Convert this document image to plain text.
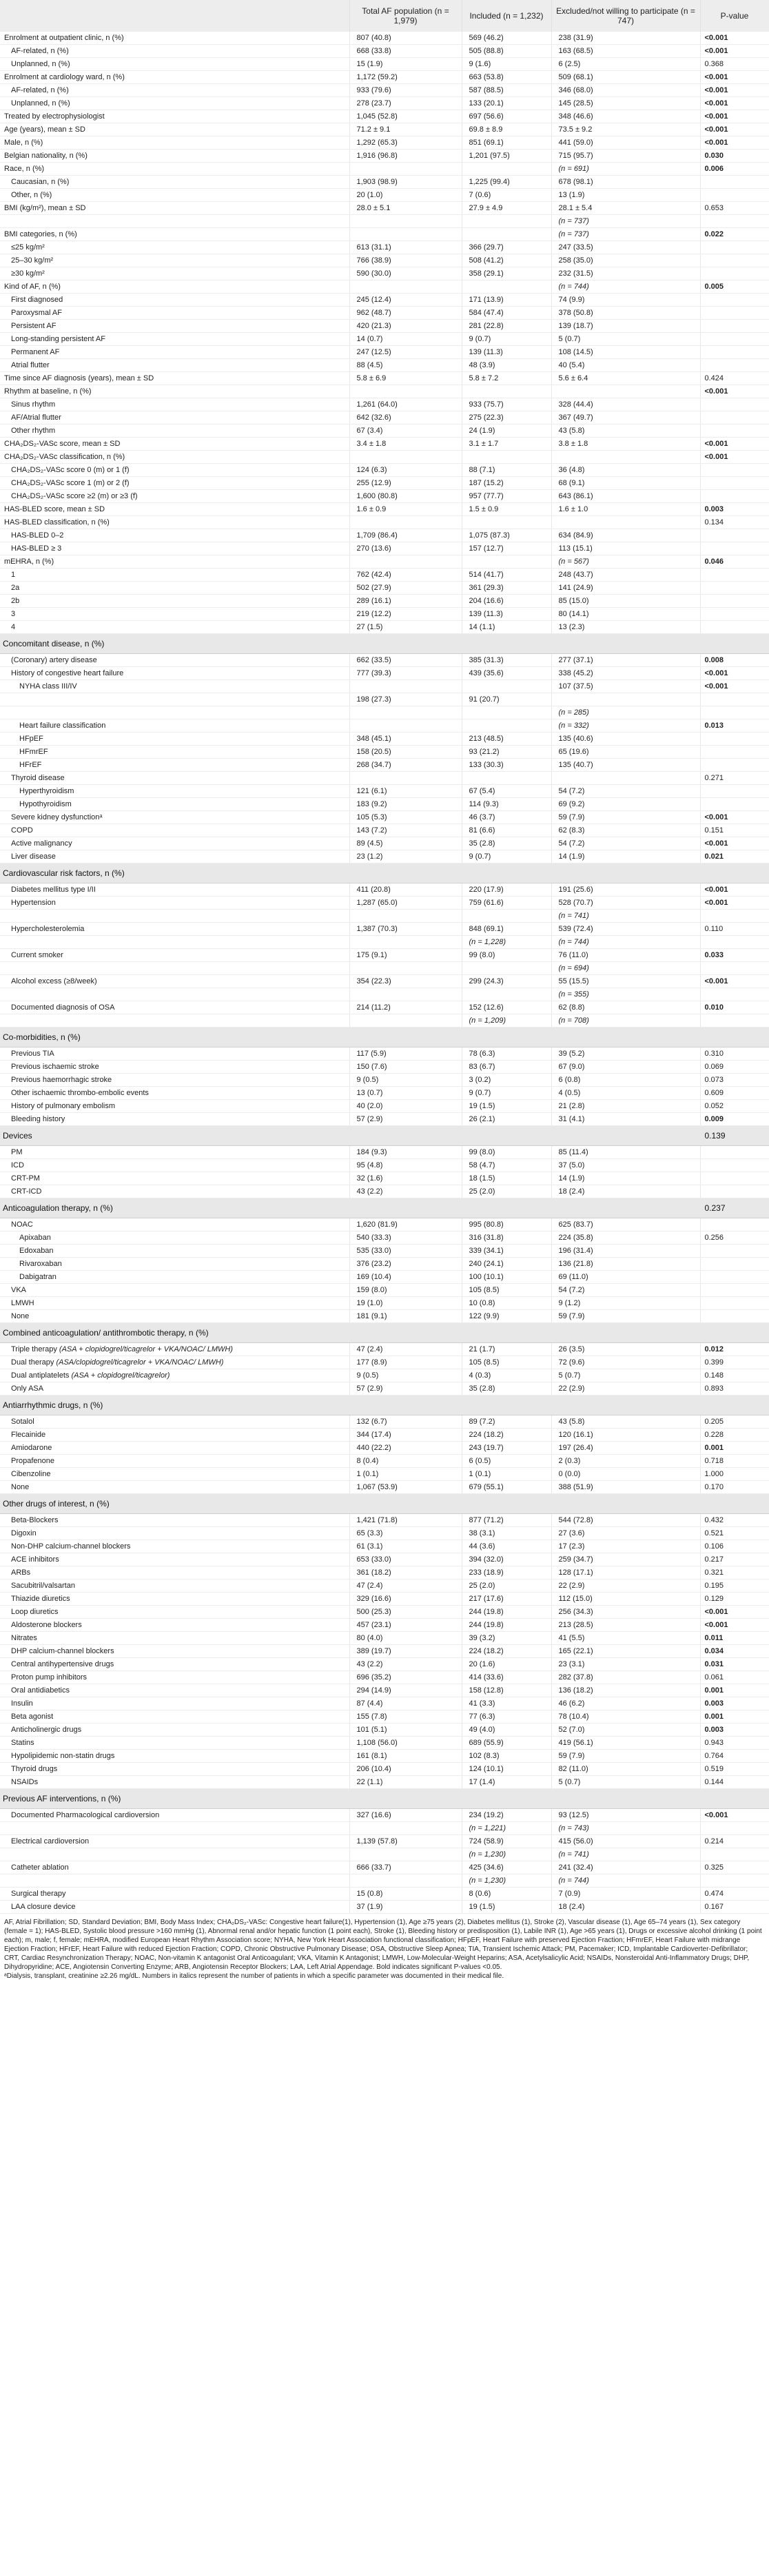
	Total AF population (n = 1,979)	Included (n = 1,232)	Excluded/not willing to participate (n = 747)	P-value
Enrolment at outpatient clinic, n (%)	807 (40.8)	569 (46.2)	238 (31.9)	<0.001
AF-related, n (%)	668 (33.8)	505 (88.8)	163 (68.5)	<0.001
Unplanned, n (%)	15 (1.9)	9 (1.6)	6 (2.5)	0.368
Enrolment at cardiology ward, n (%)	1,172 (59.2)	663 (53.8)	509 (68.1)	<0.001
AF-related, n (%)	933 (79.6)	587 (88.5)	346 (68.0)	<0.001
Unplanned, n (%)	278 (23.7)	133 (20.1)	145 (28.5)	<0.001
Treated by electrophysiologist	1,045 (52.8)	697 (56.6)	348 (46.6)	<0.001
Age (years), mean ± SD	71.2 ± 9.1	69.8 ± 8.9	73.5 ± 9.2	<0.001
Male, n (%)	1,292 (65.3)	851 (69.1)	441 (59.0)	<0.001
Belgian nationality, n (%)	1,916 (96.8)	1,201 (97.5)	715 (95.7)	0.030
Race, n (%)			(n = 691)	0.006
Caucasian, n (%)	1,903 (98.9)	1,225 (99.4)	678 (98.1)	
Other, n (%)	20 (1.0)	7 (0.6)	13 (1.9)	
BMI (kg/m²), mean ± SD	28.0 ± 5.1	27.9 ± 4.9	28.1 ± 5.4	0.653
			(n = 737)	
BMI categories, n (%)			(n = 737)	0.022
≤25 kg/m²	613 (31.1)	366 (29.7)	247 (33.5)	
25–30 kg/m²	766 (38.9)	508 (41.2)	258 (35.0)	
≥30 kg/m²	590 (30.0)	358 (29.1)	232 (31.5)	
Kind of AF, n (%)			(n = 744)	0.005
First diagnosed	245 (12.4)	171 (13.9)	74 (9.9)	
Paroxysmal AF	962 (48.7)	584 (47.4)	378 (50.8)	
Persistent AF	420 (21.3)	281 (22.8)	139 (18.7)	
Long-standing persistent AF	14 (0.7)	9 (0.7)	5 (0.7)	
Permanent AF	247 (12.5)	139 (11.3)	108 (14.5)	
Atrial flutter	88 (4.5)	48 (3.9)	40 (5.4)	
Time since AF diagnosis (years), mean ± SD	5.8 ± 6.9	5.8 ± 7.2	5.6 ± 6.4	0.424
Rhythm at baseline, n (%)				<0.001
Sinus rhythm	1,261 (64.0)	933 (75.7)	328 (44.4)	
AF/Atrial flutter	642 (32.6)	275 (22.3)	367 (49.7)	
Other rhythm	67 (3.4)	24 (1.9)	43 (5.8)	
CHA₂DS₂-VASc score, mean ± SD	3.4 ± 1.8	3.1 ± 1.7	3.8 ± 1.8	<0.001
CHA₂DS₂-VASc classification, n (%)				<0.001
CHA₂DS₂-VASc score 0 (m) or 1 (f)	124 (6.3)	88 (7.1)	36 (4.8)	
CHA₂DS₂-VASc score 1 (m) or 2 (f)	255 (12.9)	187 (15.2)	68 (9.1)	
CHA₂DS₂-VASc score ≥2 (m) or ≥3 (f)	1,600 (80.8)	957 (77.7)	643 (86.1)	
HAS-BLED score, mean ± SD	1.6 ± 0.9	1.5 ± 0.9	1.6 ± 1.0	0.003
HAS-BLED classification, n (%)				0.134
HAS-BLED 0–2	1,709 (86.4)	1,075 (87.3)	634 (84.9)	
HAS-BLED ≥ 3	270 (13.6)	157 (12.7)	113 (15.1)	
mEHRA, n (%)			(n = 567)	0.046
1	762 (42.4)	514 (41.7)	248 (43.7)	
2a	502 (27.9)	361 (29.3)	141 (24.9)	
2b	289 (16.1)	204 (16.6)	85 (15.0)	
3	219 (12.2)	139 (11.3)	80 (14.1)	
4	27 (1.5)	14 (1.1)	13 (2.3)	
Concomitant disease, n (%)				
(Coronary) artery disease	662 (33.5)	385 (31.3)	277 (37.1)	0.008
History of congestive heart failure	777 (39.3)	439 (35.6)	338 (45.2)	<0.001
NYHA class III/IV			107 (37.5)	<0.001
	198 (27.3)	91 (20.7)		
			(n = 285)	
Heart failure classification			(n = 332)	0.013
HFpEF	348 (45.1)	213 (48.5)	135 (40.6)	
HFmrEF	158 (20.5)	93 (21.2)	65 (19.6)	
HFrEF	268 (34.7)	133 (30.3)	135 (40.7)	
Thyroid disease				0.271
Hyperthyroidism	121 (6.1)	67 (5.4)	54 (7.2)	
Hypothyroidism	183 (9.2)	114 (9.3)	69 (9.2)	
Severe kidney dysfunctionᵃ	105 (5.3)	46 (3.7)	59 (7.9)	<0.001
COPD	143 (7.2)	81 (6.6)	62 (8.3)	0.151
Active malignancy	89 (4.5)	35 (2.8)	54 (7.2)	<0.001
Liver disease	23 (1.2)	9 (0.7)	14 (1.9)	0.021
Cardiovascular risk factors, n (%)				
Diabetes mellitus type I/II	411 (20.8)	220 (17.9)	191 (25.6)	<0.001
Hypertension	1,287 (65.0)	759 (61.6)	528 (70.7)	<0.001
			(n = 741)	
Hypercholesterolemia	1,387 (70.3)	848 (69.1)	539 (72.4)	0.110
		(n = 1,228)	(n = 744)	
Current smoker	175 (9.1)	99 (8.0)	76 (11.0)	0.033
			(n = 694)	
Alcohol excess (≥8/week)	354 (22.3)	299 (24.3)	55 (15.5)	<0.001
			(n = 355)	
Documented diagnosis of OSA	214 (11.2)	152 (12.6)	62 (8.8)	0.010
		(n = 1,209)	(n = 708)	
Co-morbidities, n (%)				
Previous TIA	117 (5.9)	78 (6.3)	39 (5.2)	0.310
Previous ischaemic stroke	150 (7.6)	83 (6.7)	67 (9.0)	0.069
Previous haemorrhagic stroke	9 (0.5)	3 (0.2)	6 (0.8)	0.073
Other ischaemic thrombo-embolic events	13 (0.7)	9 (0.7)	4 (0.5)	0.609
History of pulmonary embolism	40 (2.0)	19 (1.5)	21 (2.8)	0.052
Bleeding history	57 (2.9)	26 (2.1)	31 (4.1)	0.009
Devices				0.139
PM	184 (9.3)	99 (8.0)	85 (11.4)	
ICD	95 (4.8)	58 (4.7)	37 (5.0)	
CRT-PM	32 (1.6)	18 (1.5)	14 (1.9)	
CRT-ICD	43 (2.2)	25 (2.0)	18 (2.4)	
Anticoagulation therapy, n (%)				0.237
NOAC	1,620 (81.9)	995 (80.8)	625 (83.7)	
Apixaban	540 (33.3)	316 (31.8)	224 (35.8)	0.256
Edoxaban	535 (33.0)	339 (34.1)	196 (31.4)	
Rivaroxaban	376 (23.2)	240 (24.1)	136 (21.8)	
Dabigatran	169 (10.4)	100 (10.1)	69 (11.0)	
VKA	159 (8.0)	105 (8.5)	54 (7.2)	
LMWH	19 (1.0)	10 (0.8)	9 (1.2)	
None	181 (9.1)	122 (9.9)	59 (7.9)	
Combined anticoagulation/ antithrombotic therapy, n (%)				
Triple therapy (ASA + clopidogrel/ticagrelor + VKA/NOAC/ LMWH)	47 (2.4)	21 (1.7)	26 (3.5)	0.012
Dual therapy (ASA/clopidogrel/ticagrelor + VKA/NOAC/ LMWH)	177 (8.9)	105 (8.5)	72 (9.6)	0.399
Dual antiplatelets (ASA + clopidogrel/ticagrelor)	9 (0.5)	4 (0.3)	5 (0.7)	0.148
Only ASA	57 (2.9)	35 (2.8)	22 (2.9)	0.893
Antiarrhythmic drugs, n (%)				
Sotalol	132 (6.7)	89 (7.2)	43 (5.8)	0.205
Flecainide	344 (17.4)	224 (18.2)	120 (16.1)	0.228
Amiodarone	440 (22.2)	243 (19.7)	197 (26.4)	0.001
Propafenone	8 (0.4)	6 (0.5)	2 (0.3)	0.718
Cibenzoline	1 (0.1)	1 (0.1)	0 (0.0)	1.000
None	1,067 (53.9)	679 (55.1)	388 (51.9)	0.170
Other drugs of interest, n (%)				
Beta-Blockers	1,421 (71.8)	877 (71.2)	544 (72.8)	0.432
Digoxin	65 (3.3)	38 (3.1)	27 (3.6)	0.521
Non-DHP calcium-channel blockers	61 (3.1)	44 (3.6)	17 (2.3)	0.106
ACE inhibitors	653 (33.0)	394 (32.0)	259 (34.7)	0.217
ARBs	361 (18.2)	233 (18.9)	128 (17.1)	0.321
Sacubitril/valsartan	47 (2.4)	25 (2.0)	22 (2.9)	0.195
Thiazide diuretics	329 (16.6)	217 (17.6)	112 (15.0)	0.129
Loop diuretics	500 (25.3)	244 (19.8)	256 (34.3)	<0.001
Aldosterone blockers	457 (23.1)	244 (19.8)	213 (28.5)	<0.001
Nitrates	80 (4.0)	39 (3.2)	41 (5.5)	0.011
DHP calcium-channel blockers	389 (19.7)	224 (18.2)	165 (22.1)	0.034
Central antihypertensive drugs	43 (2.2)	20 (1.6)	23 (3.1)	0.031
Proton pump inhibitors	696 (35.2)	414 (33.6)	282 (37.8)	0.061
Oral antidiabetics	294 (14.9)	158 (12.8)	136 (18.2)	0.001
Insulin	87 (4.4)	41 (3.3)	46 (6.2)	0.003
Beta agonist	155 (7.8)	77 (6.3)	78 (10.4)	0.001
Anticholinergic drugs	101 (5.1)	49 (4.0)	52 (7.0)	0.003
Statins	1,108 (56.0)	689 (55.9)	419 (56.1)	0.943
Hypolipidemic non-statin drugs	161 (8.1)	102 (8.3)	59 (7.9)	0.764
Thyroid drugs	206 (10.4)	124 (10.1)	82 (11.0)	0.519
NSAIDs	22 (1.1)	17 (1.4)	5 (0.7)	0.144
Previous AF interventions, n (%)				
Documented Pharmacological cardioversion	327 (16.6)	234 (19.2)	93 (12.5)	<0.001
		(n = 1,221)	(n = 743)	
Electrical cardioversion	1,139 (57.8)	724 (58.9)	415 (56.0)	0.214
		(n = 1,230)	(n = 741)	
Catheter ablation	666 (33.7)	425 (34.6)	241 (32.4)	0.325
		(n = 1,230)	(n = 744)	
Surgical therapy	15 (0.8)	8 (0.6)	7 (0.9)	0.474
LAA closure device	37 (1.9)	19 (1.5)	18 (2.4)	0.167

AF, Atrial Fibrillation; SD, Standard Deviation; BMI, Body Mass Index; CHA₂DS₂-VASc: Congestive heart failure(1), Hypertension (1), Age ≥75 years (2), Diabetes mellitus (1), Stroke (2), Vascular disease (1), Age 65–74 years (1), Sex category (female = 1); HAS-BLED, Systolic blood pressure >160 mmHg (1), Abnormal renal and/or hepatic function (1 point each), Stroke (1), Bleeding history or predisposition (1), Labile INR (1), Age >65 years (1), Drugs or excessive alcohol drinking (1 point each); m, male; f, female; mEHRA, modified European Heart Rhythm Association score; NYHA, New York Heart Association functional classification; HFpEF, Heart Failure with preserved Ejection Fraction; HFmrEF, Heart Failure with midrange Ejection Fraction; HFrEF, Heart Failure with reduced Ejection Fraction; COPD, Chronic Obstructive Pulmonary Disease; OSA, Obstructive Sleep Apnea; TIA, Transient Ischemic Attack; PM, Pacemaker; ICD, Implantable Cardioverter-Defibrillator; CRT, Cardiac Resynchronization Therapy; NOAC, Non-vitamin K antagonist Oral Anticoagulant; VKA, Vitamin K Antagonist; LMWH, Low-Molecular-Weight Heparins; ASA, Acetylsalicylic Acid; NSAIDs, Nonsteroidal Anti-Inflammatory Drugs; DHP, Dihydropyridine; ACE, Angiotensin Converting Enzyme; ARB, Angiotensin Receptor Blockers; LAA, Left Atrial Appendage. Bold indicates significant P-values <0.05.

ᵃDialysis, transplant, creatinine ≥2.26 mg/dL. Numbers in italics represent the number of patients in which a specific parameter was documented in their medical file.
